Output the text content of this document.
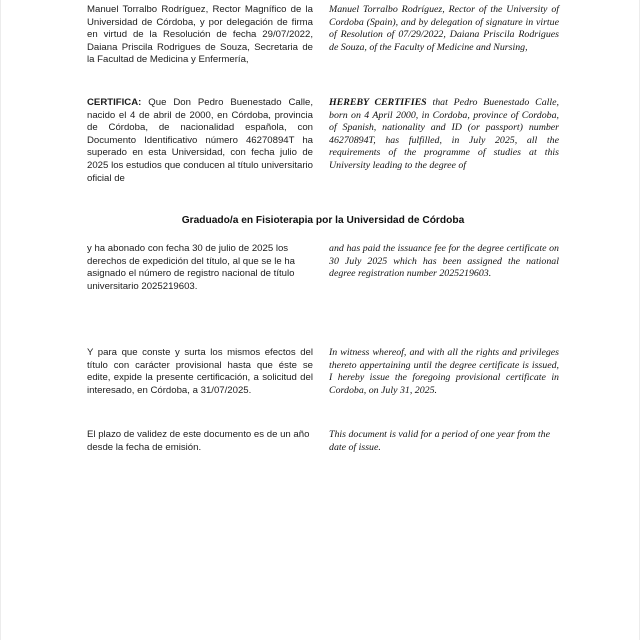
Manuel Torralbo Rodríguez, Rector Magnífico de la Universidad de Córdoba, y por delegación de firma en virtud de la Resolución de fecha 29/07/2022, Daiana Priscila Rodrigues de Souza, Secretaria de la Facultad de Medicina y Enfermería,
Manuel Torralbo Rodríguez, Rector of the University of Cordoba (Spain), and by delegation of signature in virtue of Resolution of 07/29/2022, Daiana Priscila Rodrigues de Souza, of the Faculty of Medicine and Nursing,
CERTIFICA: Que Don Pedro Buenestado Calle, nacido el 4 de abril de 2000, en Córdoba, provincia de Córdoba, de nacionalidad española, con Documento Identificativo número 46270894T ha superado en esta Universidad, con fecha julio de 2025 los estudios que conducen al título universitario oficial de
HEREBY CERTIFIES that Pedro Buenestado Calle, born on 4 April 2000, in Cordoba, province of Cordoba, of Spanish, nationality and ID (or passport) number 46270894T, has fulfilled, in July 2025, all the requirements of the programme of studies at this University leading to the degree of
Graduado/a en Fisioterapia por la Universidad de Córdoba
y ha abonado con fecha 30 de julio de 2025 los derechos de expedición del título, al que se le ha asignado el número de registro nacional de título universitario 2025219603.
and has paid the issuance fee for the degree certificate on 30 July 2025 which has been assigned the national degree registration number 2025219603.
Y para que conste y surta los mismos efectos del título con carácter provisional hasta que éste se edite, expide la presente certificación, a solicitud del interesado, en Córdoba, a 31/07/2025.
In witness whereof, and with all the rights and privileges thereto appertaining until the degree certificate is issued, I hereby issue the foregoing provisional certificate in Cordoba, on July 31, 2025.
El plazo de validez de este documento es de un año desde la fecha de emisión.
This document is valid for a period of one year from the date of issue.
